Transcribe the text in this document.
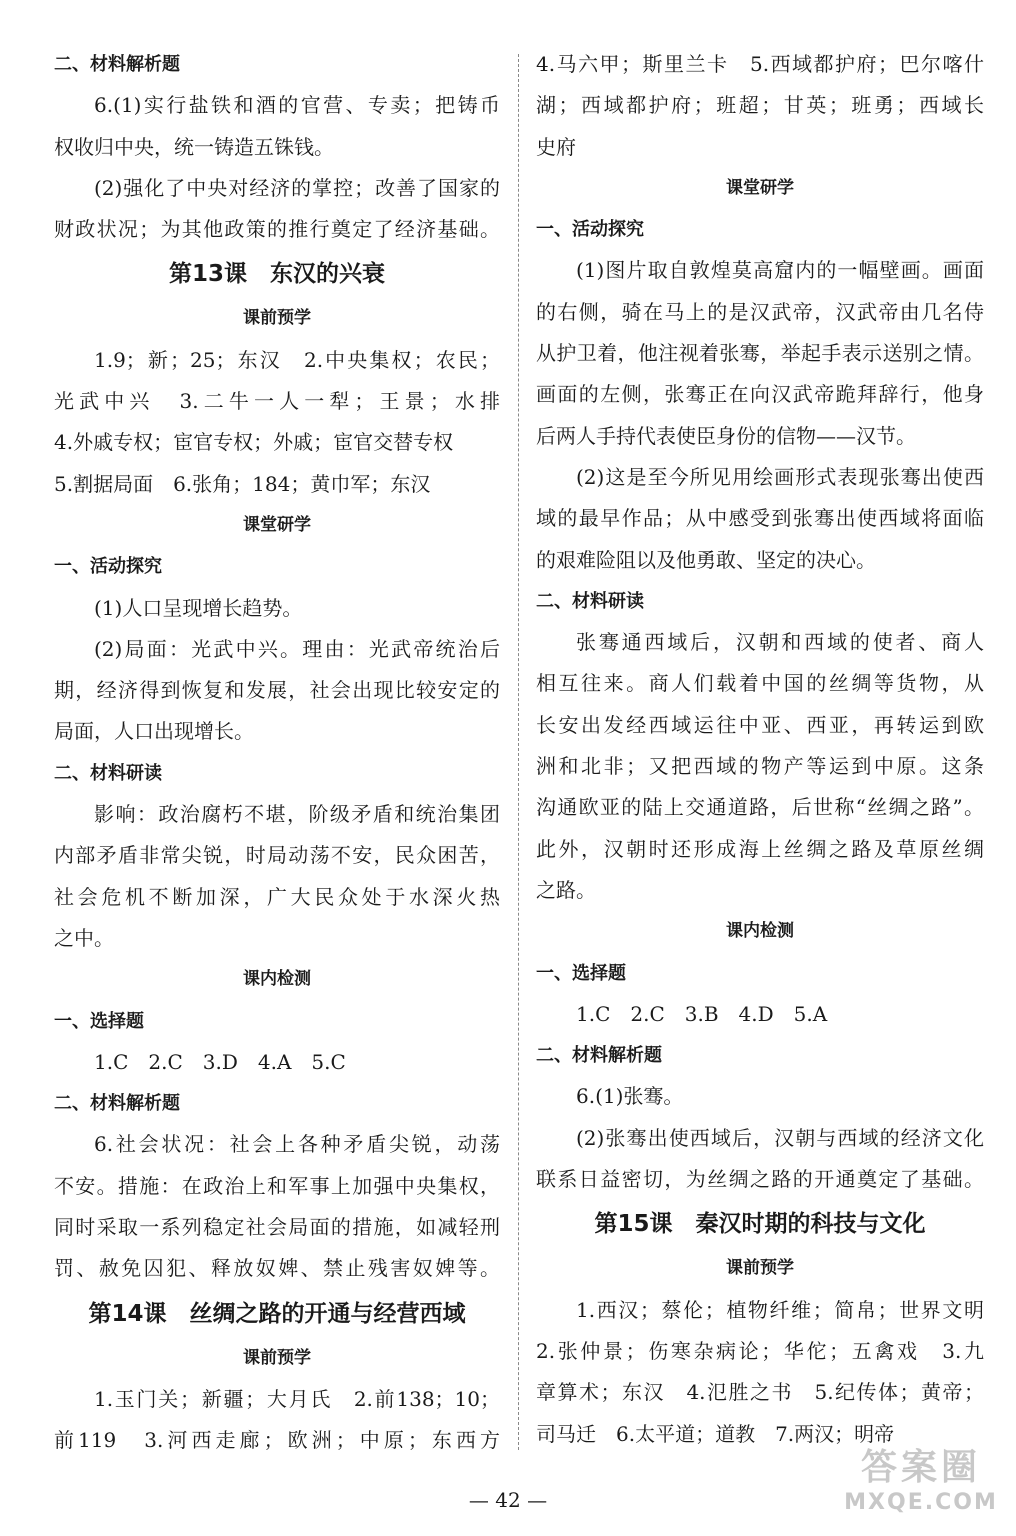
二、材料解析题
6.(1)实行盐铁和酒的官营、专卖；把铸币
权收归中央，统一铸造五铢钱。
(2)强化了中央对经济的掌控；改善了国家的
财政状况；为其他政策的推行奠定了经济基础。
第13课　东汉的兴衰
课前预学
1.9；新；25；东汉　2.中央集权；农民；
光武中兴　3.二牛一人一犁；王景；水排
4.外戚专权；宦官专权；外戚；宦官交替专权
5.割据局面　6.张角；184；黄巾军；东汉
课堂研学
一、活动探究
(1)人口呈现增长趋势。
(2)局面：光武中兴。理由：光武帝统治后
期，经济得到恢复和发展，社会出现比较安定的
局面，人口出现增长。
二、材料研读
影响：政治腐朽不堪，阶级矛盾和统治集团
内部矛盾非常尖锐，时局动荡不安，民众困苦，
社会危机不断加深，广大民众处于水深火热
之中。
课内检测
一、选择题
1.C　2.C　3.D　4.A　5.C
二、材料解析题
6.社会状况：社会上各种矛盾尖锐，动荡
不安。措施：在政治上和军事上加强中央集权，
同时采取一系列稳定社会局面的措施，如减轻刑
罚、赦免囚犯、释放奴婢、禁止残害奴婢等。
第14课　丝绸之路的开通与经营西域
课前预学
1.玉门关；新疆；大月氏　2.前138；10；
前119　3.河西走廊；欧洲；中原；东西方
4.马六甲；斯里兰卡　5.西域都护府；巴尔喀什
湖；西域都护府；班超；甘英；班勇；西域长
史府
课堂研学
一、活动探究
(1)图片取自敦煌莫高窟内的一幅壁画。画面
的右侧，骑在马上的是汉武帝，汉武帝由几名侍
从护卫着，他注视着张骞，举起手表示送别之情。
画面的左侧，张骞正在向汉武帝跪拜辞行，他身
后两人手持代表使臣身份的信物——汉节。
(2)这是至今所见用绘画形式表现张骞出使西
域的最早作品；从中感受到张骞出使西域将面临
的艰难险阻以及他勇敢、坚定的决心。
二、材料研读
张骞通西域后，汉朝和西域的使者、商人
相互往来。商人们载着中国的丝绸等货物，从
长安出发经西域运往中亚、西亚，再转运到欧
洲和北非；又把西域的物产等运到中原。这条
沟通欧亚的陆上交通道路，后世称“丝绸之路”。
此外，汉朝时还形成海上丝绸之路及草原丝绸
之路。
课内检测
一、选择题
1.C　2.C　3.B　4.D　5.A
二、材料解析题
6.(1)张骞。
(2)张骞出使西域后，汉朝与西域的经济文化
联系日益密切，为丝绸之路的开通奠定了基础。
第15课　秦汉时期的科技与文化
课前预学
1.西汉；蔡伦；植物纤维；简帛；世界文明
2.张仲景；伤寒杂病论；华佗；五禽戏　3.九
章算术；东汉　4.氾胜之书　5.纪传体；黄帝；
司马迁　6.太平道；道教　7.两汉；明帝
— 42 —
答案圈
MXQE.COM
